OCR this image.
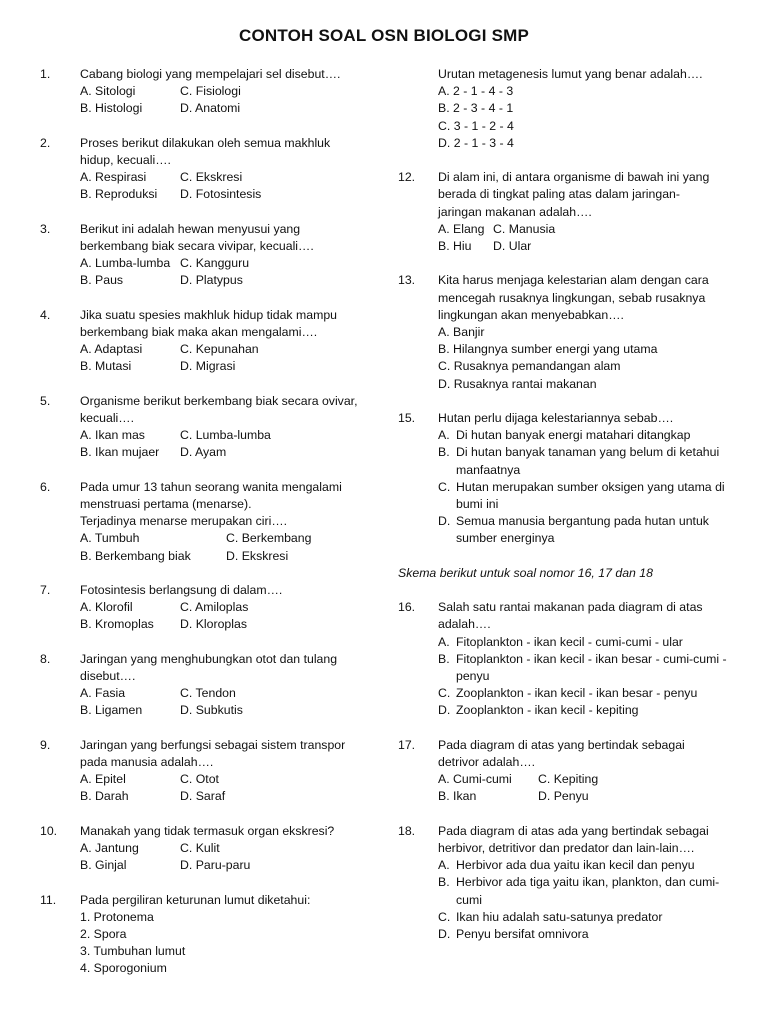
CONTOH SOAL OSN BIOLOGI SMP
1. Cabang biologi yang mempelajari sel disebut….
A. Sitologi	C. Fisiologi
B. Histologi	D. Anatomi
2. Proses berikut dilakukan oleh semua makhluk
hidup, kecuali….
A. Respirasi	C. Ekskresi
B. Reproduksi	D. Fotosintesis
3. Berikut ini adalah hewan menyusui yang
berkembang biak secara vivipar, kecuali….
A. Lumba-lumba C. Kangguru
B. Paus	D. Platypus
4. Jika suatu spesies makhluk hidup tidak mampu
berkembang biak maka akan mengalami….
A. Adaptasi	C. Kepunahan
B. Mutasi	D. Migrasi
5. Organisme berikut berkembang biak secara ovivar,
kecuali….
A. Ikan mas	C. Lumba-lumba
B. Ikan mujaer	D. Ayam
6. Pada umur 13 tahun seorang wanita mengalami
menstruasi pertama (menarse).
Terjadinya menarse merupakan ciri….
A. Tumbuh	C. Berkembang
B. Berkembang biak	D. Ekskresi
7. Fotosintesis berlangsung di dalam….
A. Klorofil	C. Amiloplas
B. Kromoplas	D. Kloroplas
8. Jaringan yang menghubungkan otot dan tulang
disebut….
A. Fasia	C. Tendon
B. Ligamen	D. Subkutis
9. Jaringan yang berfungsi sebagai sistem transpor
pada manusia adalah….
A. Epitel	C. Otot
B. Darah	D. Saraf
10. Manakah yang tidak termasuk organ ekskresi?
A. Jantung	C. Kulit
B. Ginjal	D. Paru-paru
11. Pada pergiliran keturunan lumut diketahui:
1. Protonema
2. Spora
3. Tumbuhan lumut
4. Sporogonium
Urutan metagenesis lumut yang benar adalah….
A. 2 - 1 - 4 - 3
B. 2 - 3 - 4 - 1
C. 3 - 1 - 2 - 4
D. 2 - 1 - 3 - 4
12. Di alam ini, di antara organisme di bawah ini yang
berada di tingkat paling atas dalam jaringan-
jaringan makanan adalah….
A. Elang C. Manusia
B. Hiu	D. Ular
13. Kita harus menjaga kelestarian alam dengan cara
mencegah rusaknya lingkungan, sebab rusaknya
lingkungan akan menyebabkan….
A. Banjir
B. Hilangnya sumber energi yang utama
C. Rusaknya pemandangan alam
D. Rusaknya rantai makanan
15. Hutan perlu dijaga kelestariannya sebab….
A. Di hutan banyak energi matahari ditangkap
B. Di hutan banyak tanaman yang belum di ketahui manfaatnya
C. Hutan merupakan sumber oksigen yang utama di bumi ini
D. Semua manusia bergantung pada hutan untuk sumber energinya
Skema berikut untuk soal nomor 16, 17 dan 18
16. Salah satu rantai makanan pada diagram di atas adalah….
A. Fitoplankton - ikan kecil - cumi-cumi - ular
B. Fitoplankton - ikan kecil - ikan besar - cumi-cumi - penyu
C. Zooplankton - ikan kecil - ikan besar - penyu
D. Zooplankton - ikan kecil - kepiting
17. Pada diagram di atas yang bertindak sebagai
detrivor adalah….
A. Cumi-cumi	C. Kepiting
B. Ikan	D. Penyu
18. Pada diagram di atas ada yang bertindak sebagai herbivor, detritivor dan predator dan lain-lain….
A. Herbivor ada dua yaitu ikan kecil dan penyu
B. Herbivor ada tiga yaitu ikan, plankton, dan cumi-cumi
C. Ikan hiu adalah satu-satunya predator
D. Penyu bersifat omnivora
